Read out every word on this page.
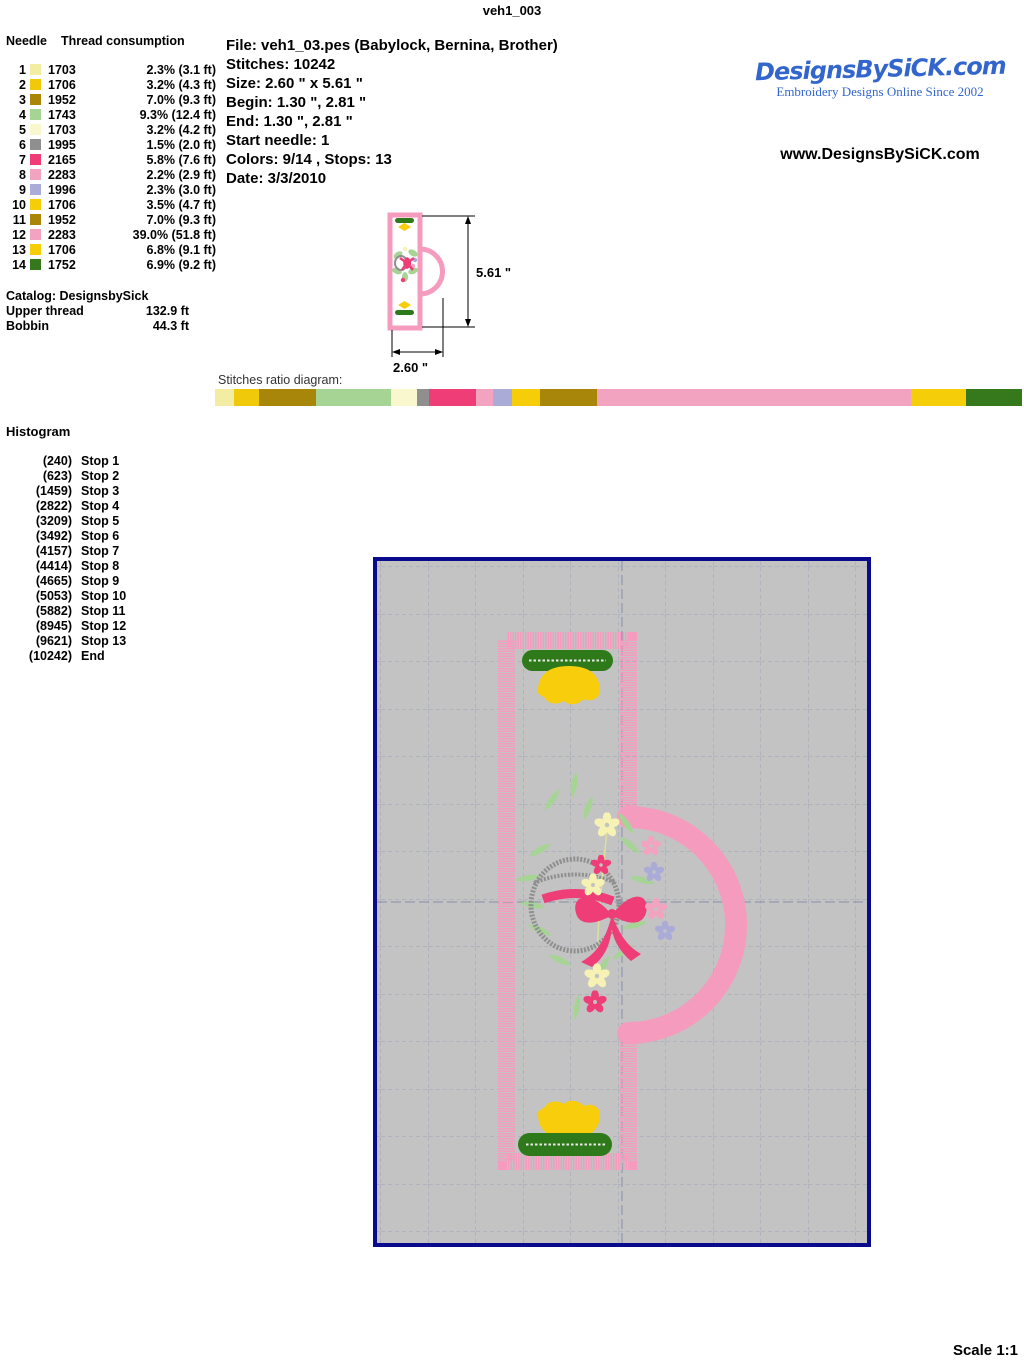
veh1_003
Needle Thread consumption
1 1703	2.3% (3.1 ft)
2 1706	3.2% (4.3 ft)
3 1952	7.0% (9.3 ft)
4 1743	9.3% (12.4 ft)
5 1703	3.2% (4.2 ft)
6 1995	1.5% (2.0 ft)
7 2165	5.8% (7.6 ft)
8 2283	2.2% (2.9 ft)
9 1996	2.3% (3.0 ft)
10 1706	3.5% (4.7 ft)
11 1952	7.0% (9.3 ft)
12 2283	39.0% (51.8 ft)
13 1706	6.8% (9.1 ft)
14 1752	6.9% (9.2 ft)
Catalog: DesignsbySick
Upper thread	132.9 ft
Bobbin	44.3 ft
File: veh1_03.pes (Babylock, Bernina, Brother)
Stitches: 10242
Size: 2.60 " x 5.61 "
Begin: 1.30 ", 2.81 "
End: 1.30 ", 2.81 "
Start needle: 1
Colors: 9/14 , Stops: 13
Date: 3/3/2010
DesignsBySiCK.com
Embroidery Designs Online Since 2002
www.DesignsBySiCK.com
5.61 "
2.60 "
Stitches ratio diagram:
Histogram
(240) Stop 1
(623) Stop 2
(1459) Stop 3
(2822) Stop 4
(3209) Stop 5
(3492) Stop 6
(4157) Stop 7
(4414) Stop 8
(4665) Stop 9
(5053) Stop 10
(5882) Stop 11
(8945) Stop 12
(9621) Stop 13
(10242) End
Scale 1:1
